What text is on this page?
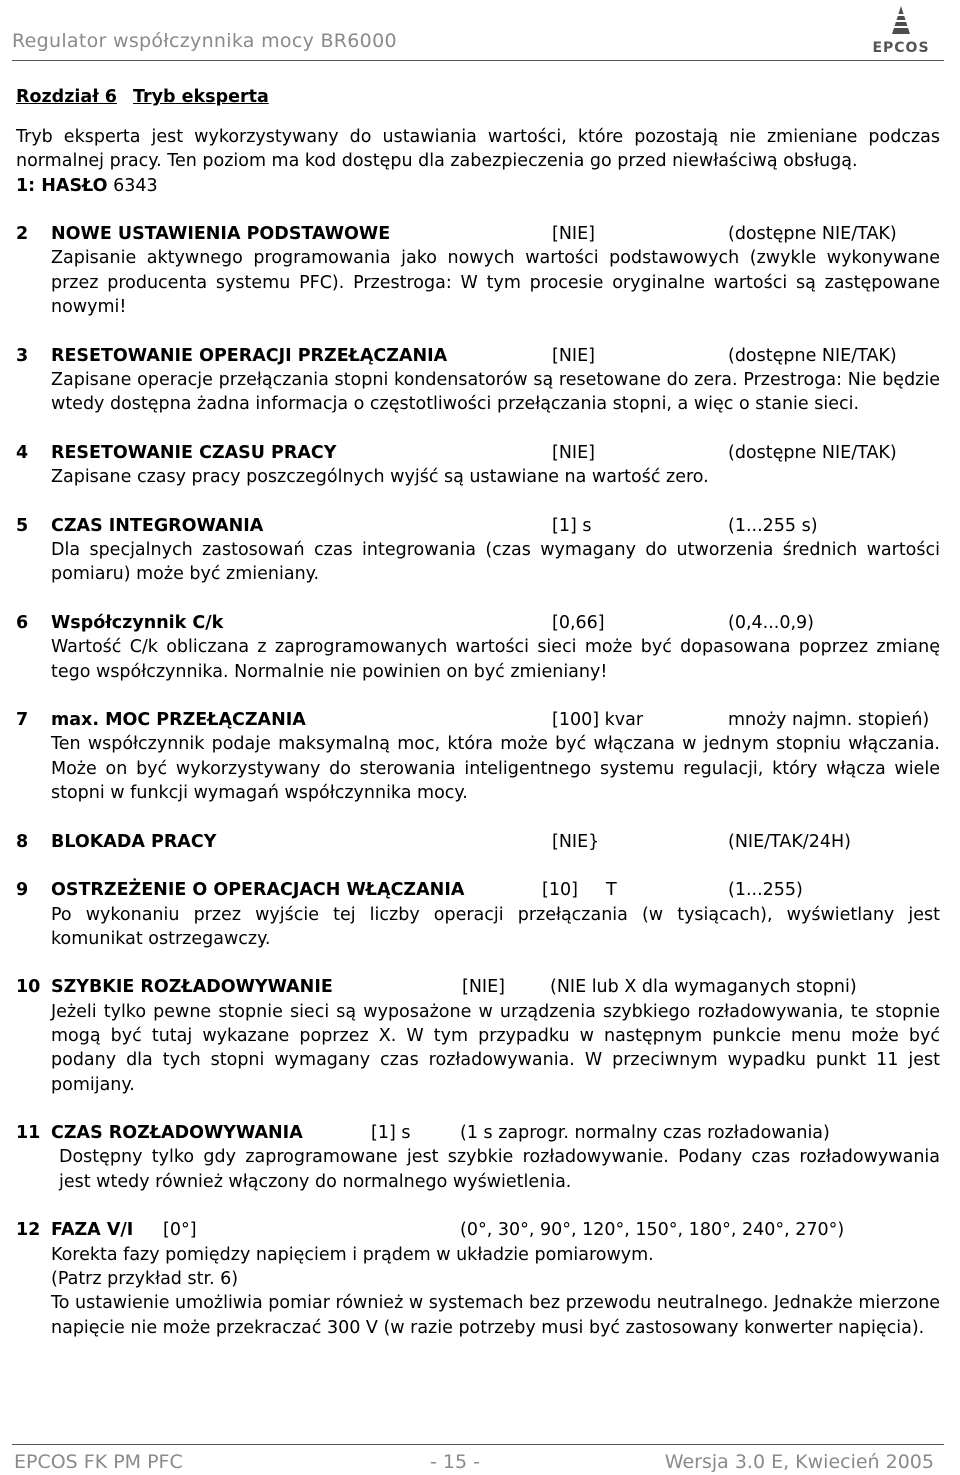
Regulator współczynnika mocy BR6000	EPCOS
Rozdział 6 Tryb eksperta
Tryb eksperta jest wykorzystywany do ustawiania wartości, które pozostają nie zmieniane podczas normalnej pracy. Ten poziom ma kod dostępu dla zabezpieczenia go przed niewłaściwą obsługą.
1: HASŁO 6343
2 NOWE USTAWIENIA PODSTAWOWE	[NIE]	(dostępne NIE/TAK)
Zapisanie aktywnego programowania jako nowych wartości podstawowych (zwykle wykonywane przez producenta systemu PFC). Przestroga: W tym procesie oryginalne wartości są zastępowane nowymi!
3 RESETOWANIE OPERACJI PRZEŁĄCZANIA	[NIE]	(dostępne NIE/TAK)
Zapisane operacje przełączania stopni kondensatorów są resetowane do zera. Przestroga: Nie będzie wtedy dostępna żadna informacja o częstotliwości przełączania stopni, a więc o stanie sieci.
4 RESETOWANIE CZASU PRACY	[NIE]	(dostępne NIE/TAK)
Zapisane czasy pracy poszczególnych wyjść są ustawiane na wartość zero.
5 CZAS INTEGROWANIA	[1] s	(1...255 s)
Dla specjalnych zastosowań czas integrowania (czas wymagany do utworzenia średnich wartości pomiaru) może być zmieniany.
6 Współczynnik C/k	[0,66]	(0,4...0,9)
Wartość C/k obliczana z zaprogramowanych wartości sieci może być dopasowana poprzez zmianę tego współczynnika. Normalnie nie powinien on być zmieniany!
7 max. MOC PRZEŁĄCZANIA	[100] kvar	mnoży najmn. stopień)
Ten współczynnik podaje maksymalną moc, która może być włączana w jednym stopniu włączania. Może on być wykorzystywany do sterowania inteligentnego systemu regulacji, który włącza wiele stopni w funkcji wymagań współczynnika mocy.
8 BLOKADA PRACY	[NIE}	(NIE/TAK/24H)
9 OSTRZEŻENIE O OPERACJACH WŁĄCZANIA	[10] T	(1...255)
Po wykonaniu przez wyjście tej liczby operacji przełączania (w tysiącach), wyświetlany jest komunikat ostrzegawczy.
10 SZYBKIE ROZŁADOWYWANIE	[NIE]	(NIE lub X dla wymaganych stopni)
Jeżeli tylko pewne stopnie sieci są wyposażone w urządzenia szybkiego rozładowywania, te stopnie mogą być tutaj wykazane poprzez X. W tym przypadku w następnym punkcie menu może być podany dla tych stopni wymagany czas rozładowywania. W przeciwnym wypadku punkt 11 jest pomijany.
11 CZAS ROZŁADOWYWANIA	[1] s	(1 s zaprogr. normalny czas rozładowania)
Dostępny tylko gdy zaprogramowane jest szybkie rozładowywanie. Podany czas rozładowywania jest wtedy również włączony do normalnego wyświetlenia.
12 FAZA V/I [0°]	(0°, 30°, 90°, 120°, 150°, 180°, 240°, 270°)
Korekta fazy pomiędzy napięciem i prądem w układzie pomiarowym.
(Patrz przykład str. 6)
To ustawienie umożliwia pomiar również w systemach bez przewodu neutralnego. Jednakże mierzone napięcie nie może przekraczać 300 V (w razie potrzeby musi być zastosowany konwerter napięcia).
EPCOS FK PM PFC	- 15 -	Wersja 3.0 E, Kwiecień 2005
